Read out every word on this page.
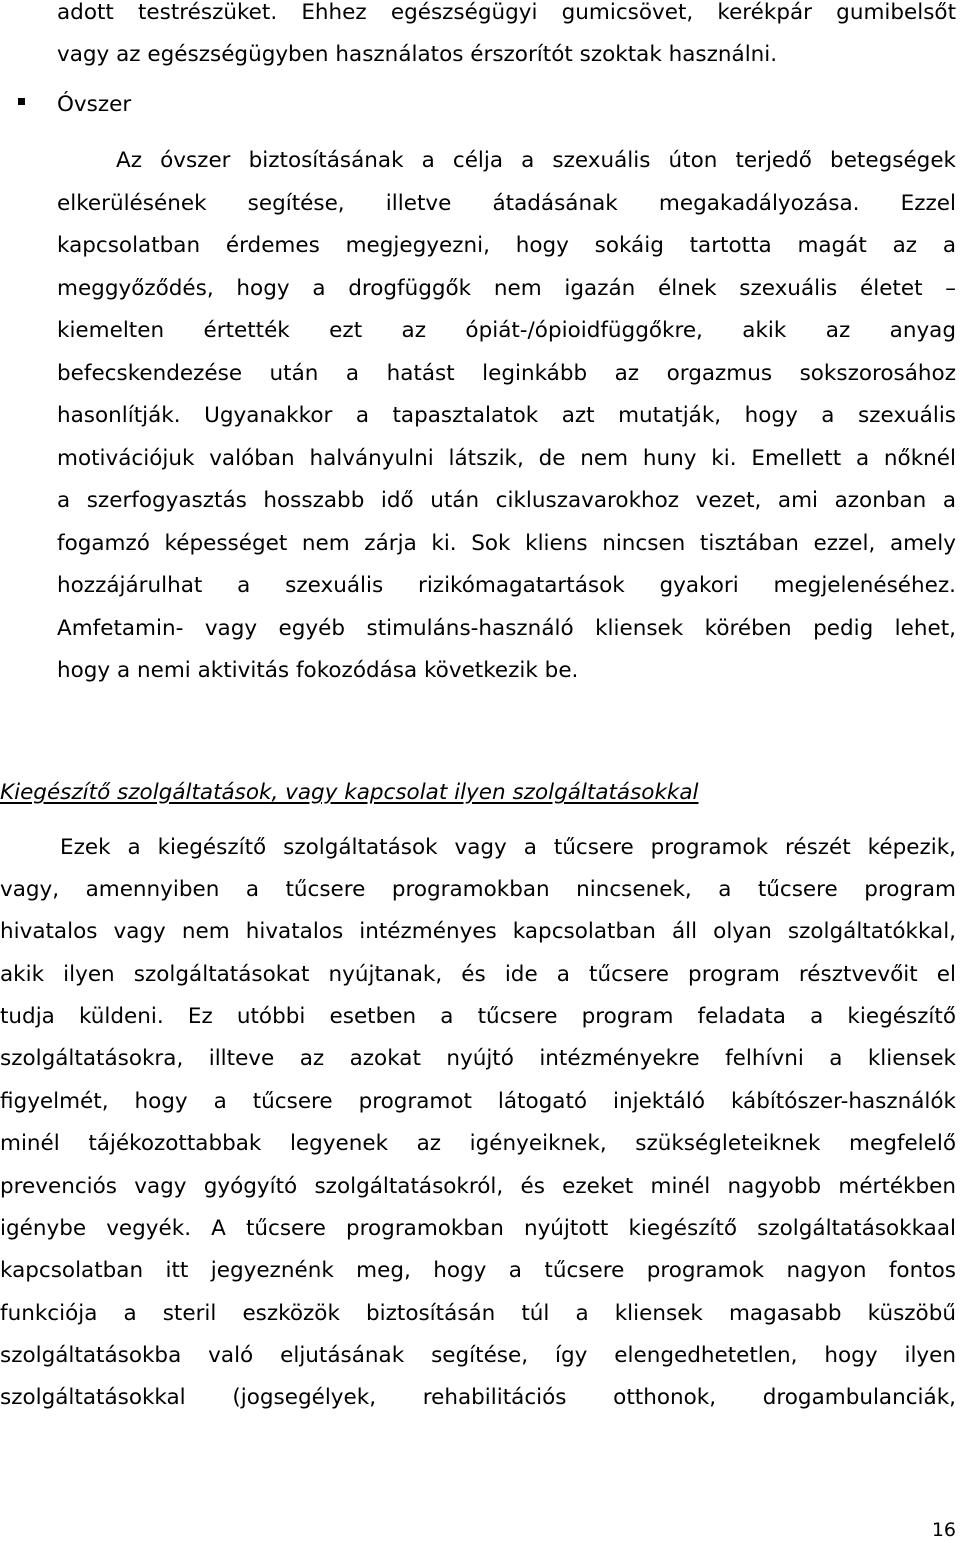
adott testrészüket. Ehhez egészségügyi gumicsövet, kerékpár gumibelsőt
vagy az egészségügyben használatos érszorítót szoktak használni.
Óvszer
Az óvszer biztosításának a célja a szexuális úton terjedő betegségek
elkerülésének segítése, illetve átadásának megakadályozása. Ezzel
kapcsolatban érdemes megjegyezni, hogy sokáig tartotta magát az a
meggyőződés, hogy a drogfüggők nem igazán élnek szexuális életet –
kiemelten értették ezt az ópiát-/ópioidfüggőkre, akik az anyag
befecskendezése után a hatást leginkább az orgazmus sokszorosához
hasonlítják. Ugyanakkor a tapasztalatok azt mutatják, hogy a szexuális
motivációjuk valóban halványulni látszik, de nem huny ki. Emellett a nőknél
a szerfogyasztás hosszabb idő után cikluszavarokhoz vezet, ami azonban a
fogamzó képességet nem zárja ki. Sok kliens nincsen tisztában ezzel, amely
hozzájárulhat a szexuális rizikómagatartások gyakori megjelenéséhez.
Amfetamin- vagy egyéb stimuláns-használó kliensek körében pedig lehet,
hogy a nemi aktivitás fokozódása következik be.
Kiegészítő szolgáltatások, vagy kapcsolat ilyen szolgáltatásokkal
Ezek a kiegészítő szolgáltatások vagy a tűcsere programok részét képezik,
vagy, amennyiben a tűcsere programokban nincsenek, a tűcsere program
hivatalos vagy nem hivatalos intézményes kapcsolatban áll olyan szolgáltatókkal,
akik ilyen szolgáltatásokat nyújtanak, és ide a tűcsere program résztvevőit el
tudja küldeni. Ez utóbbi esetben a tűcsere program feladata a kiegészítő
szolgáltatásokra, illteve az azokat nyújtó intézményekre felhívni a kliensek
figyelmét, hogy a tűcsere programot látogató injektáló kábítószer-használók
minél tájékozottabbak legyenek az igényeiknek, szükségleteiknek megfelelő
prevenciós vagy gyógyító szolgáltatásokról, és ezeket minél nagyobb mértékben
igénybe vegyék. A tűcsere programokban nyújtott kiegészítő szolgáltatásokkaal
kapcsolatban itt jegyeznénk meg, hogy a tűcsere programok nagyon fontos
funkciója a steril eszközök biztosításán túl a kliensek magasabb küszöbű
szolgáltatásokba való eljutásának segítése, így elengedhetetlen, hogy ilyen
szolgáltatásokkal (jogsegélyek, rehabilitációs otthonok, drogambulanciák,
16
